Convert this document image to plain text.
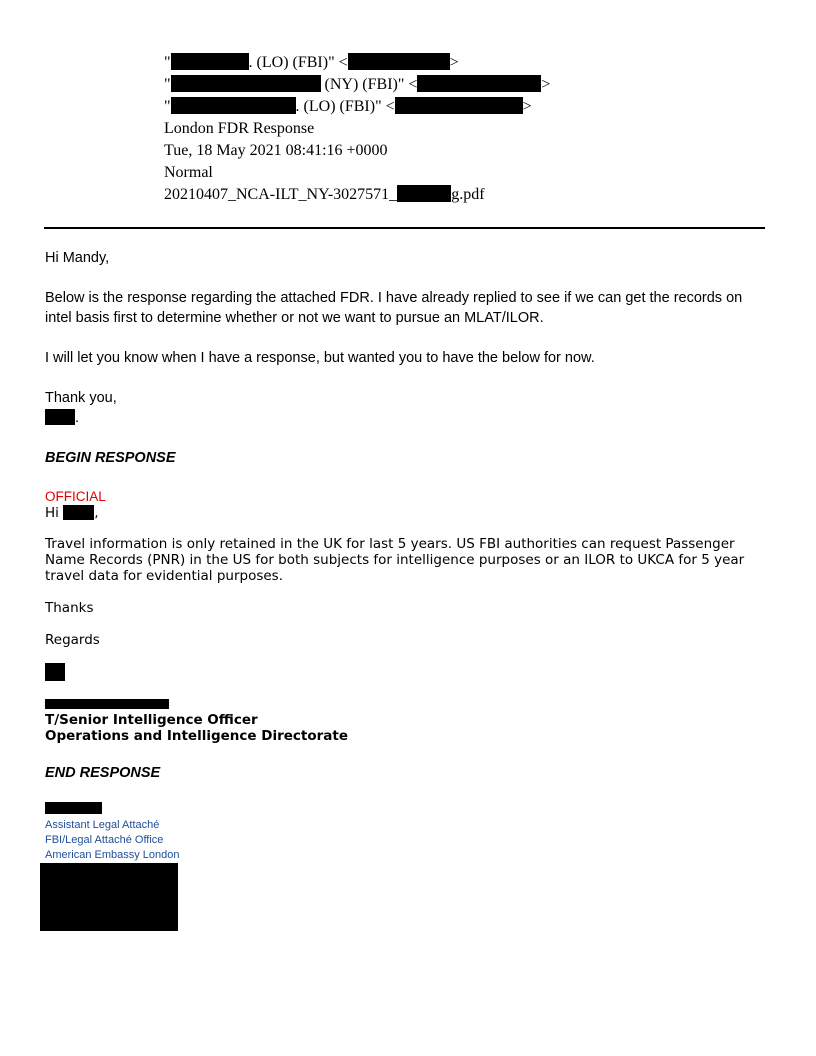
"	. (LO) (FBI)" <	>
"	(NY) (FBI)" <	>
"	. (LO) (FBI)" <	>
London FDR Response
Tue, 18 May 2021 08:41:16 +0000
Normal
20210407_NCA-ILT_NY-3027571_	g.pdf
Hi Mandy,
Below is the response regarding the attached FDR. I have already replied to see if we can get the records on intel basis first to determine whether or not we want to pursue an MLAT/ILOR.
I will let you know when I have a response, but wanted you to have the below for now.
Thank you,
.
BEGIN RESPONSE
OFFICIAL
Hi	,
Travel information is only retained in the UK for last 5 years. US FBI authorities can request Passenger Name Records (PNR) in the US for both subjects for intelligence purposes or an ILOR to UKCA for 5 year travel data for evidential purposes.
Thanks
Regards
T/Senior Intelligence Officer
Operations and Intelligence Directorate
END RESPONSE
Assistant Legal Attaché
FBI/Legal Attaché Office
American Embassy London
